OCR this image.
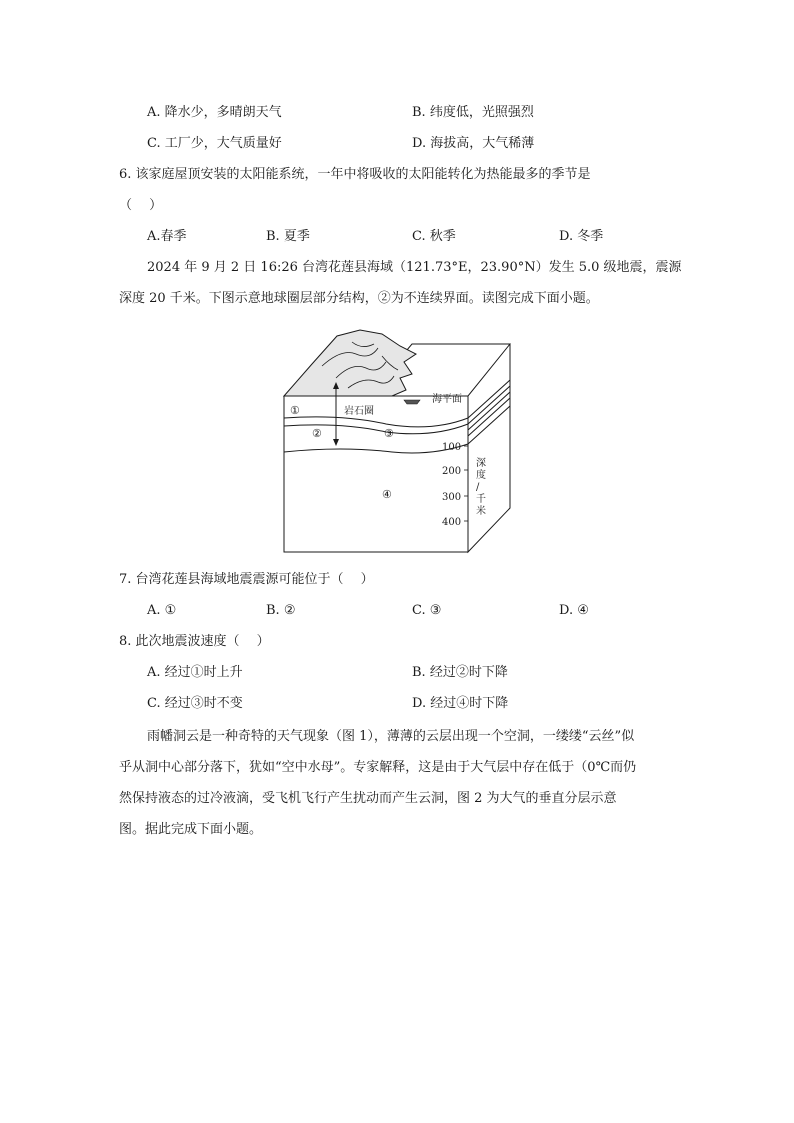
A. 降水少，多晴朗天气	B. 纬度低，光照强烈
C. 工厂少，大气质量好	D. 海拔高，大气稀薄
6. 该家庭屋顶安装的太阳能系统，一年中将吸收的太阳能转化为热能最多的季节是
（　 ）
A.春季	B. 夏季	C. 秋季	D. 冬季
2024 年 9 月 2 日 16:26 台湾花莲县海域（121.73°E，23.90°N）发生 5.0 级地震，震源
深度 20 千米。下图示意地球圈层部分结构，②为不连续界面。读图完成下面小题。
①	岩石圈
海平面
②	③
④
100
200
300
400
深度/千米
7. 台湾花莲县海域地震震源可能位于（　 ）
A. ①	B. ②	C. ③	D. ④
8. 此次地震波速度（　 ）
A. 经过①时上升	B. 经过②时下降
C. 经过③时不变	D. 经过④时下降
雨幡洞云是一种奇特的天气现象（图 1），薄薄的云层出现一个空洞，一缕缕“云丝”似
乎从洞中心部分落下，犹如“空中水母”。专家解释，这是由于大气层中存在低于（0℃而仍
然保持液态的过冷液滴，受飞机飞行产生扰动而产生云洞，图 2 为大气的垂直分层示意
图。据此完成下面小题。
